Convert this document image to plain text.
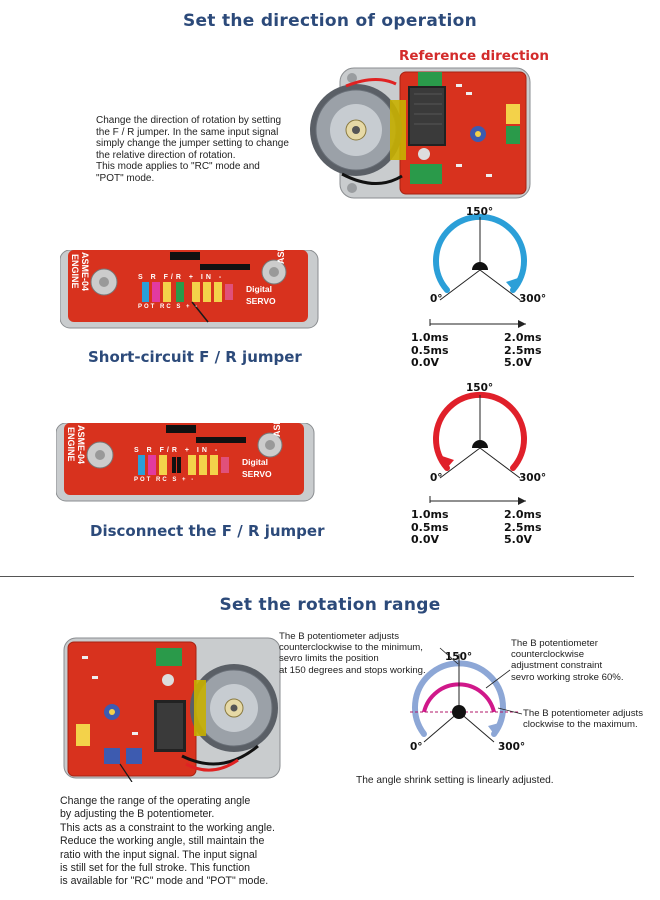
Set the direction of operation
Reference direction
Change the direction of rotation by setting
the F / R jumper. In the same input signal
simply change the jumper setting to change
the relative direction of rotation.
This mode applies to "RC" mode and
"POT" mode.
ENGINE ASME-04	Digital
SERVO
ASME-04
S R F/R + IN -
POT RC S + -
Short-circuit F / R jumper
ENGINE ASME-04	Digital
SERVO
ASME-04
S R F/R + IN -
POT RC S + -
Disconnect the F / R jumper
150°
0°	300°
1.0ms
0.5ms
0.0V
2.0ms
2.5ms
5.0V
150°
0°	300°
1.0ms
0.5ms
0.0V
2.0ms
2.5ms
5.0V
Set the rotation range
150°
0°	300°
The B potentiometer adjusts
counterclockwise to the minimum,
sevro limits the position
at 150 degrees and stops working.
The B potentiometer
counterclockwise
adjustment constraint
sevro working stroke 60%.
The B potentiometer adjusts
clockwise to the maximum.
The angle shrink setting is linearly adjusted.
Change the range of the operating angle
by adjusting the B potentiometer.
This acts as a constraint to the working angle.
Reduce the working angle, still maintain the
ratio with the input signal. The input signal
is still set for the full stroke. This function
is available for "RC" mode and "POT" mode.
